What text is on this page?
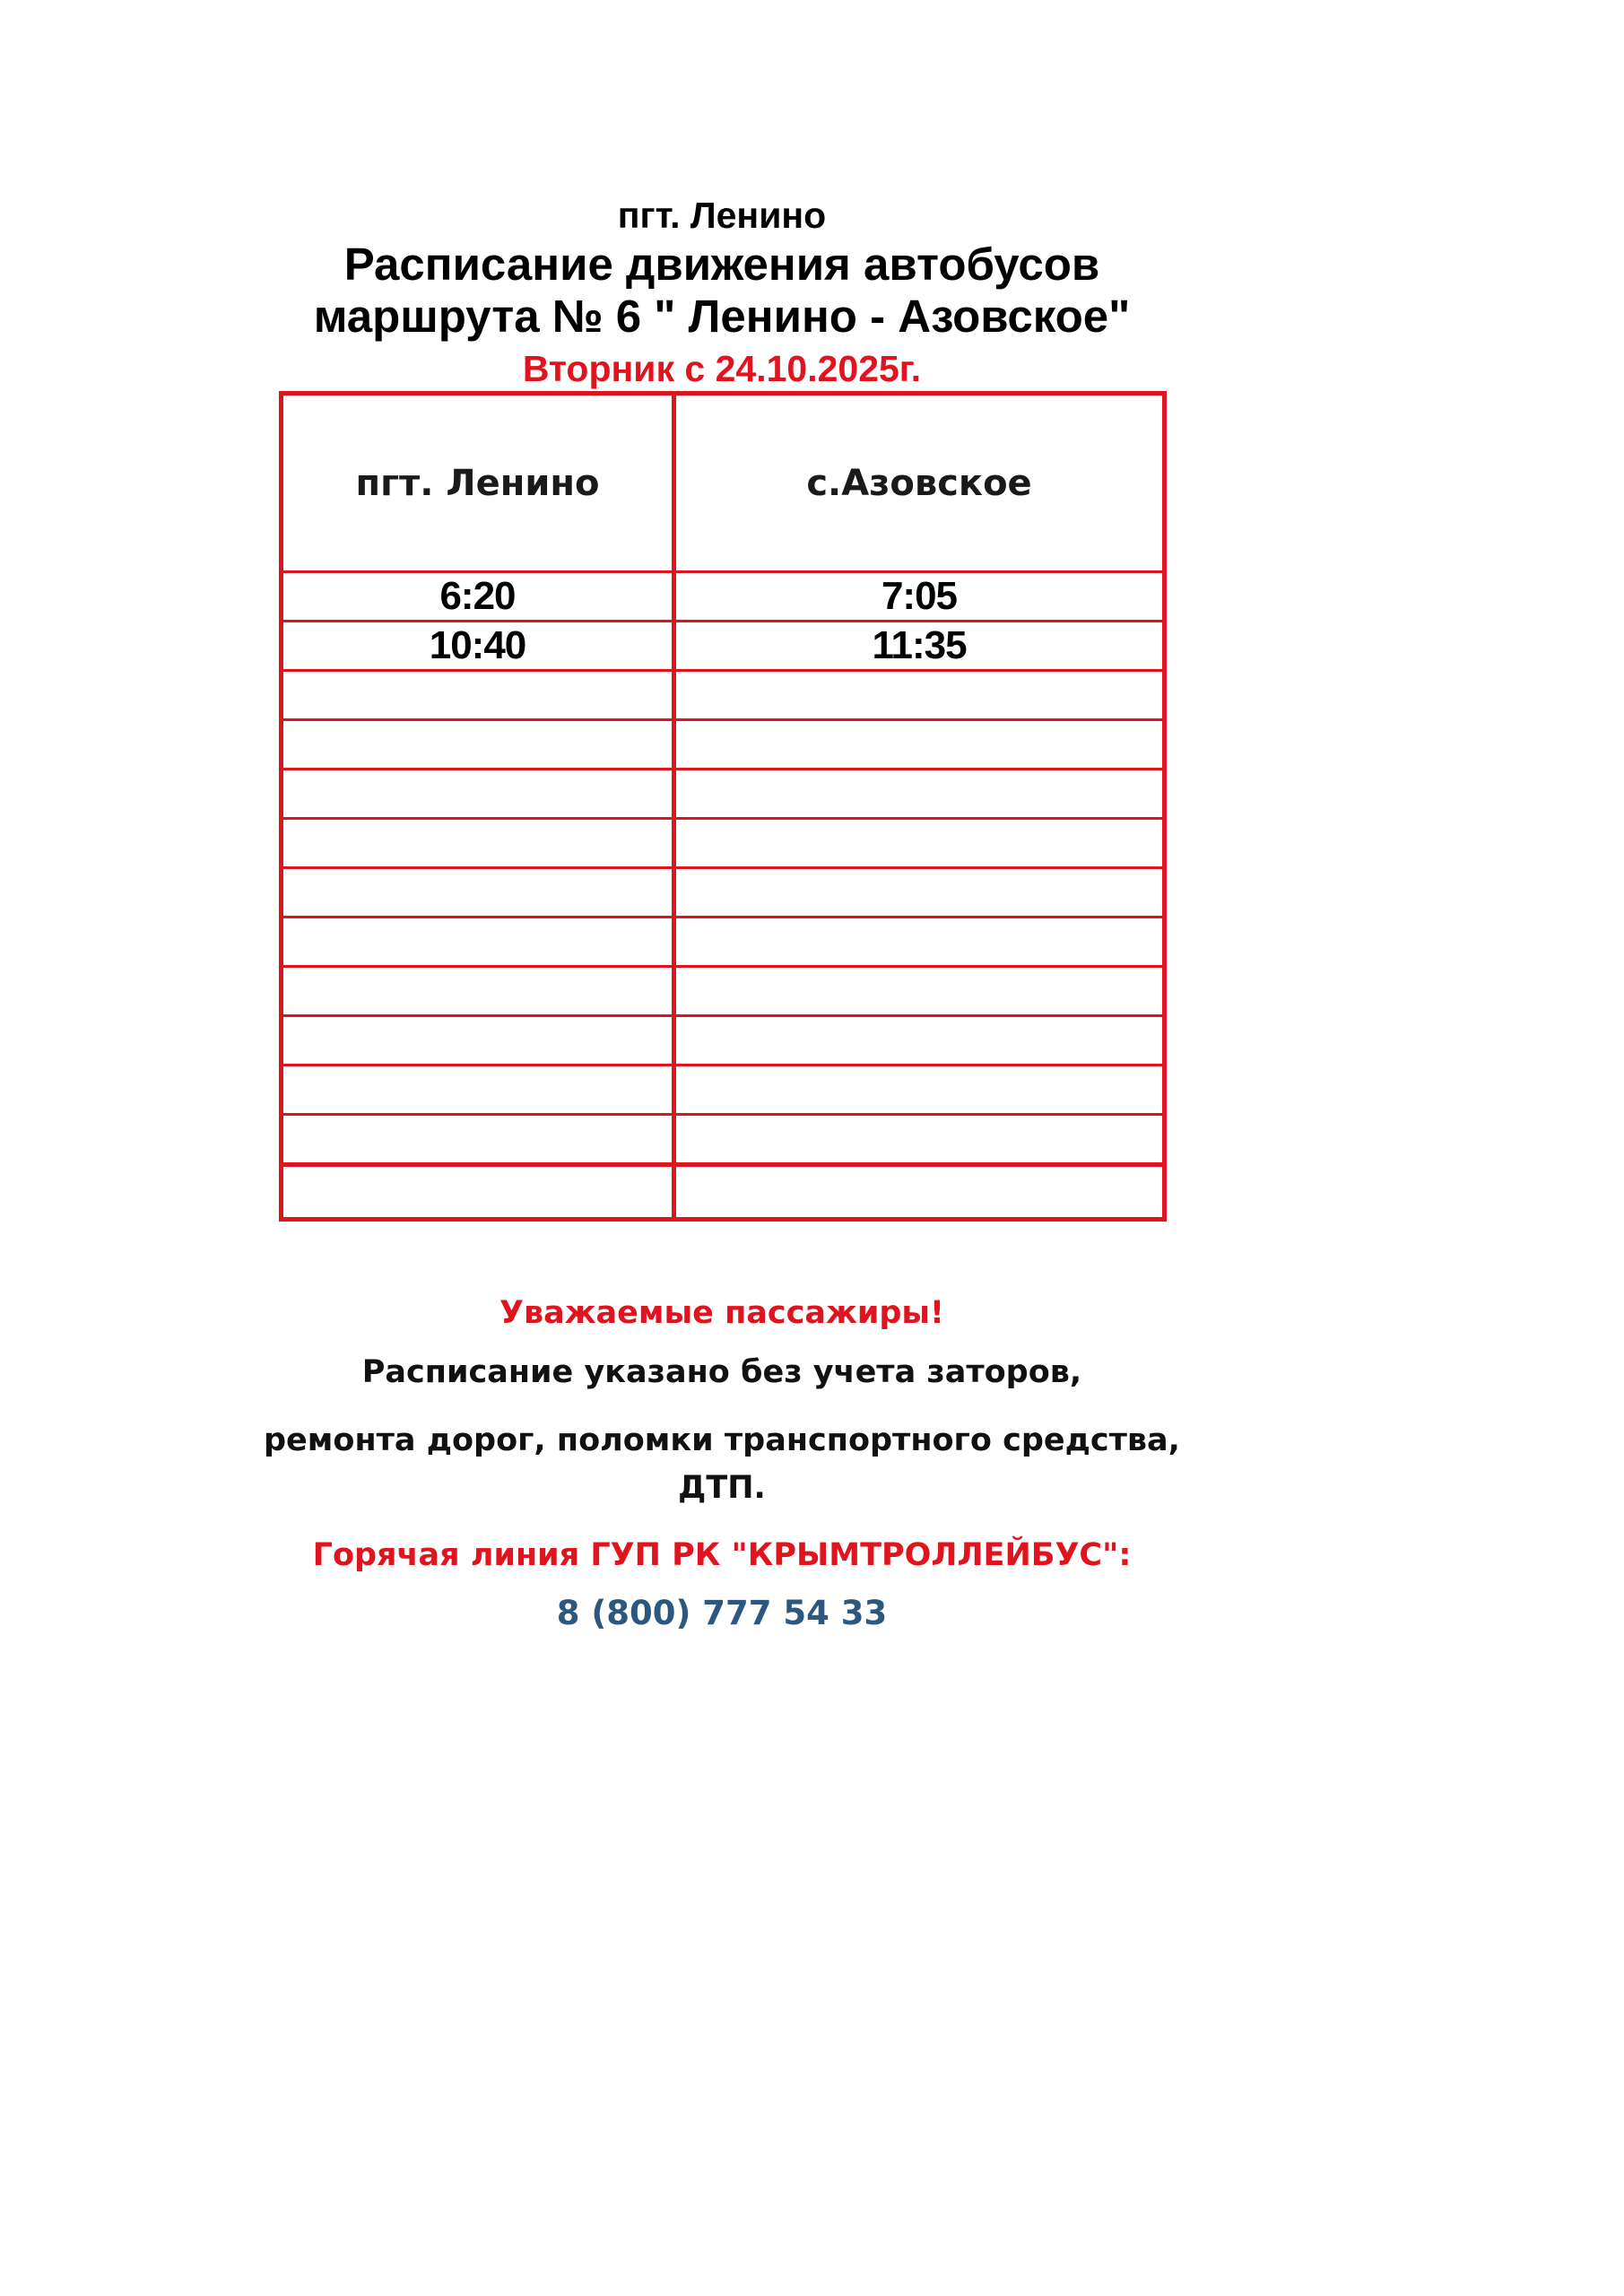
пгт. Ленино
Расписание движения автобусов
маршрута № 6 " Ленино - Азовское"
Вторник с 24.10.2025г.
пгт. Ленино	с.Азовское
6:20	7:05
10:40	11:35

Уважаемые пассажиры!
Расписание указано без учета заторов,
ремонта дорог, поломки транспортного средства,
ДТП.
Горячая линия ГУП РК "КРЫМТРОЛЛЕЙБУС":
8 (800) 777 54 33
